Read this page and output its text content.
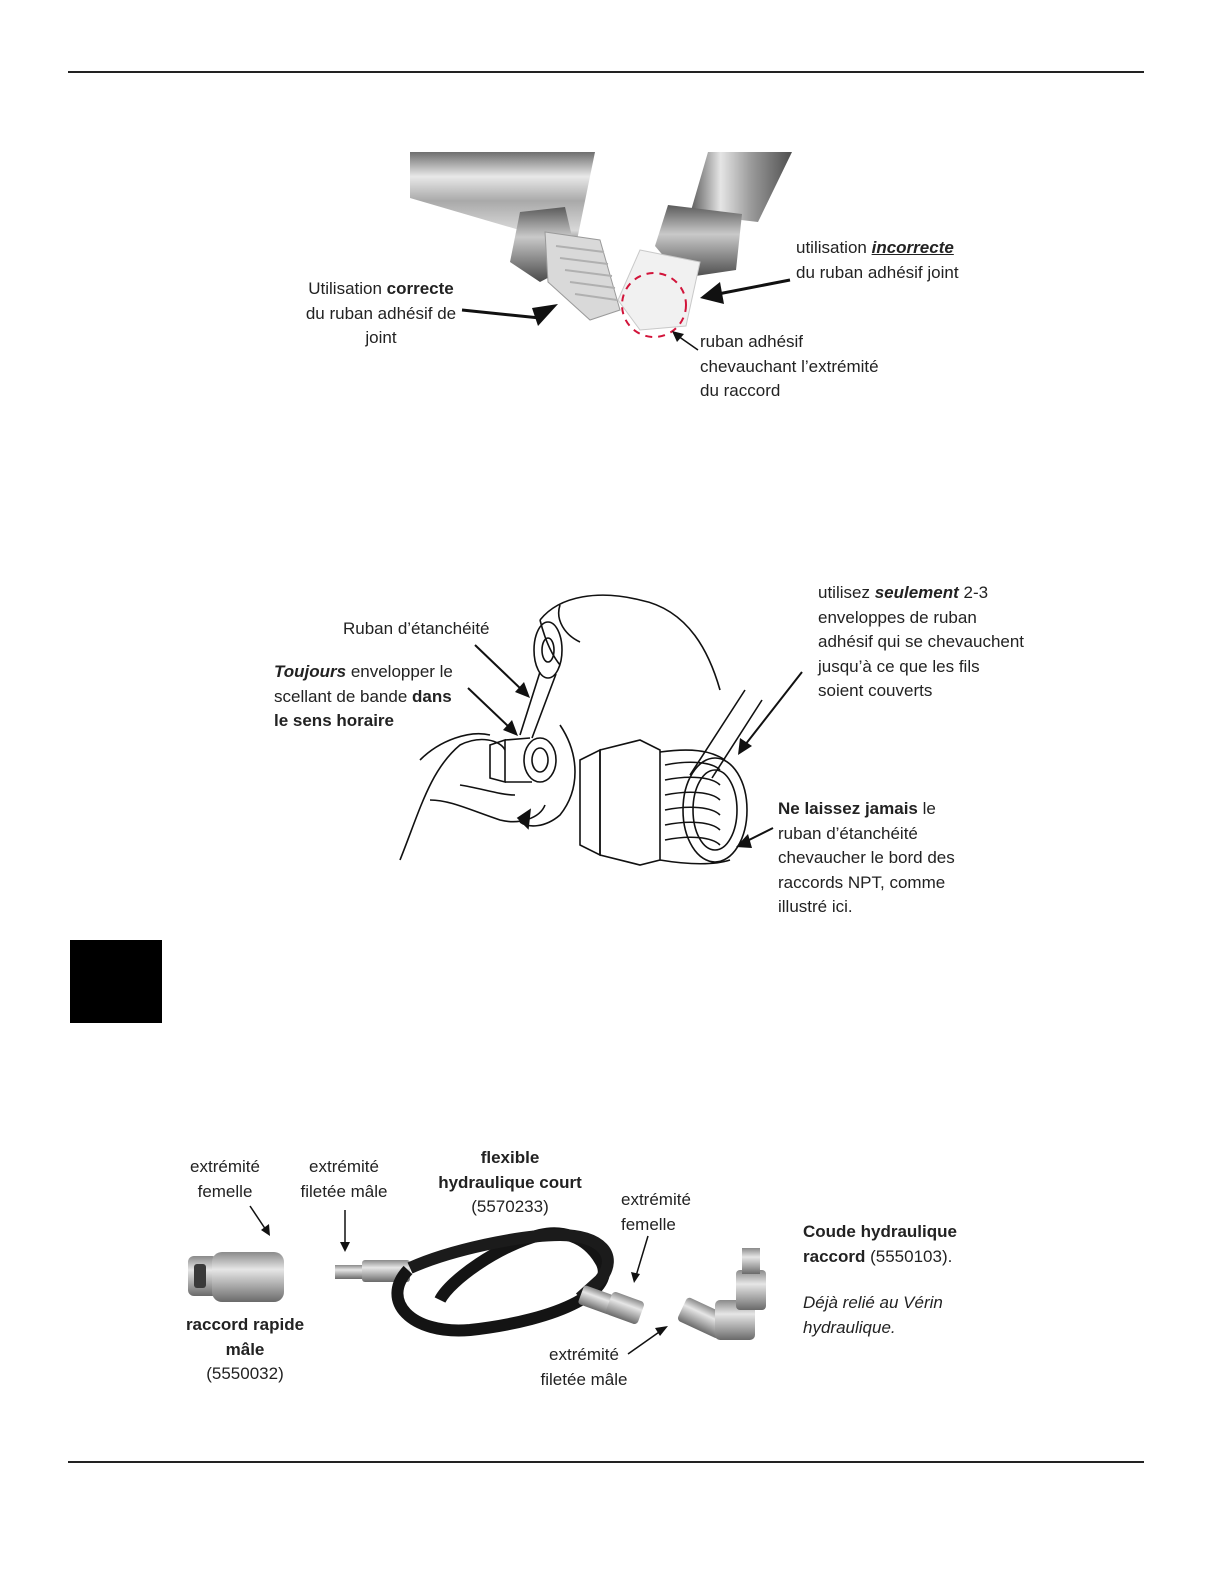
Utilisation correcte
du ruban adhésif de
joint
utilisation incorrecte
du ruban adhésif joint
ruban adhésif
chevauchant l’extrémité
du raccord
Ruban d’étanchéité
Toujours envelopper le
scellant de bande dans
le sens horaire
utilisez seulement 2-3
enveloppes de ruban
adhésif qui se chevauchent
jusqu’à ce que les fils
soient couverts
Ne laissez jamais le
ruban d’étanchéité
chevaucher le bord des
raccords NPT, comme
illustré ici.
extrémité
femelle
extrémité
filetée mâle
flexible
hydraulique court
(5570233)	extrémité
femelle	Coude hydraulique
raccord (5550103).
Déjà relié au Vérin
hydraulique.
raccord rapide
mâle
(5550032)
extrémité
filetée mâle
